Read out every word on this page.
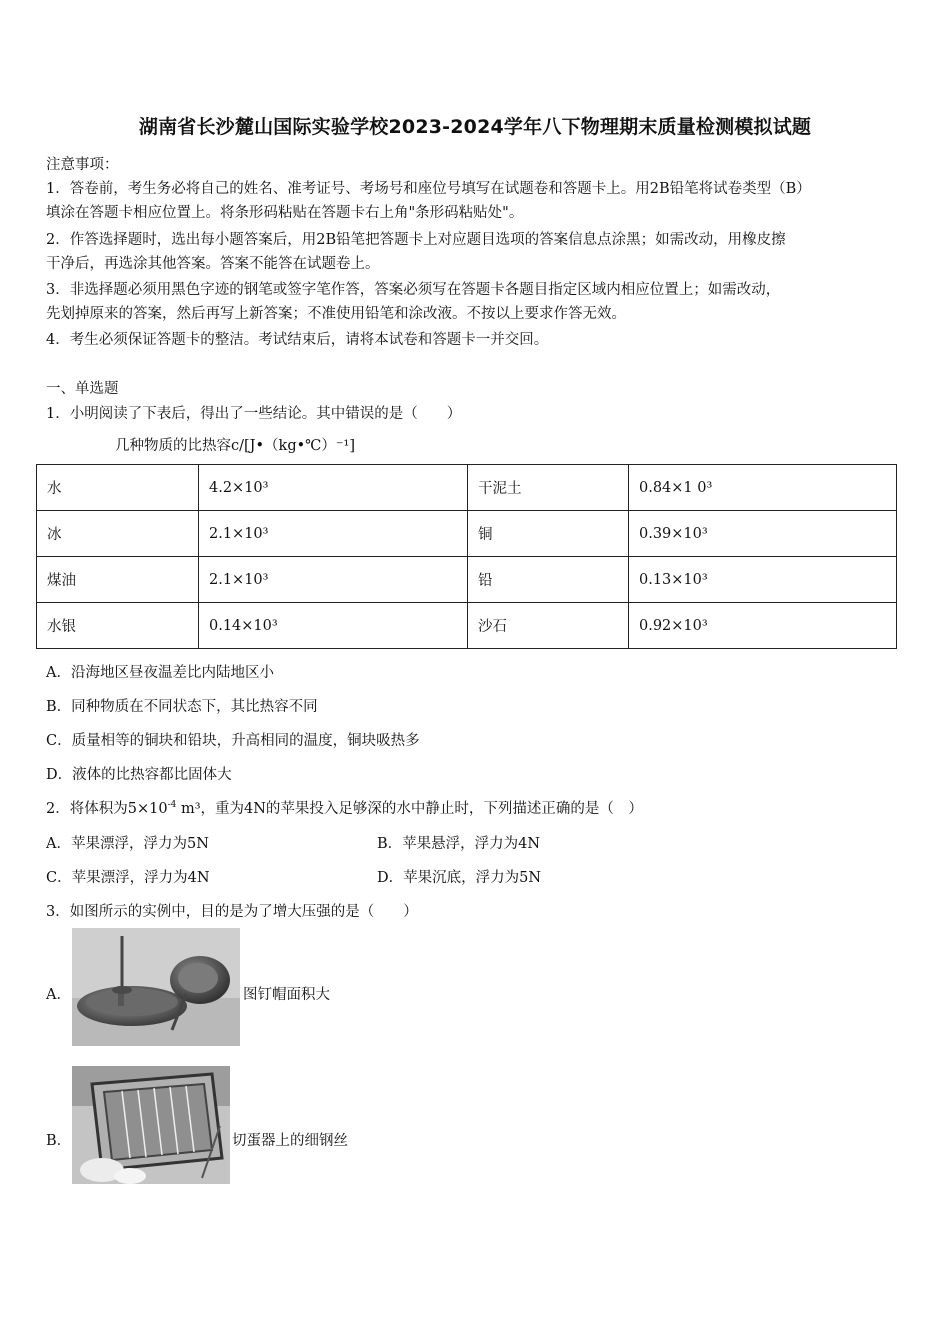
湖南省长沙麓山国际实验学校2023-2024学年八下物理期末质量检测模拟试题
注意事项：
1．答卷前，考生务必将自己的姓名、准考证号、考场号和座位号填写在试题卷和答题卡上。用2B铅笔将试卷类型（B）
填涂在答题卡相应位置上。将条形码粘贴在答题卡右上角"条形码粘贴处"。
2．作答选择题时，选出每小题答案后，用2B铅笔把答题卡上对应题目选项的答案信息点涂黑；如需改动，用橡皮擦
干净后，再选涂其他答案。答案不能答在试题卷上。
3．非选择题必须用黑色字迹的钢笔或签字笔作答，答案必须写在答题卡各题目指定区域内相应位置上；如需改动，
先划掉原来的答案，然后再写上新答案；不准使用铅笔和涂改液。不按以上要求作答无效。
4．考生必须保证答题卡的整洁。考试结束后，请将本试卷和答题卡一并交回。
一、单选题
1．小明阅读了下表后，得出了一些结论。其中错误的是（　　）
几种物质的比热容c/[J•（kg•℃）⁻¹]
水	4.2×10³	干泥土	0.84×1 0³
冰	2.1×10³	铜	0.39×10³
煤油	2.1×10³	铅	0.13×10³
水银	0.14×10³	沙石	0.92×10³
A．沿海地区昼夜温差比内陆地区小
B．同种物质在不同状态下，其比热容不同
C．质量相等的铜块和铅块，升高相同的温度，铜块吸热多
D．液体的比热容都比固体大
2．将体积为$5\times 10^{-4}$ m³，重为4N的苹果投入足够深的水中静止时，下列描述正确的是（　）
A．苹果漂浮，浮力为5N	B．苹果悬浮，浮力为4N
C．苹果漂浮，浮力为4N	D．苹果沉底，浮力为5N
3．如图所示的实例中，目的是为了增大压强的是（　　）
A．	图钉帽面积大
B．	切蛋器上的细钢丝
